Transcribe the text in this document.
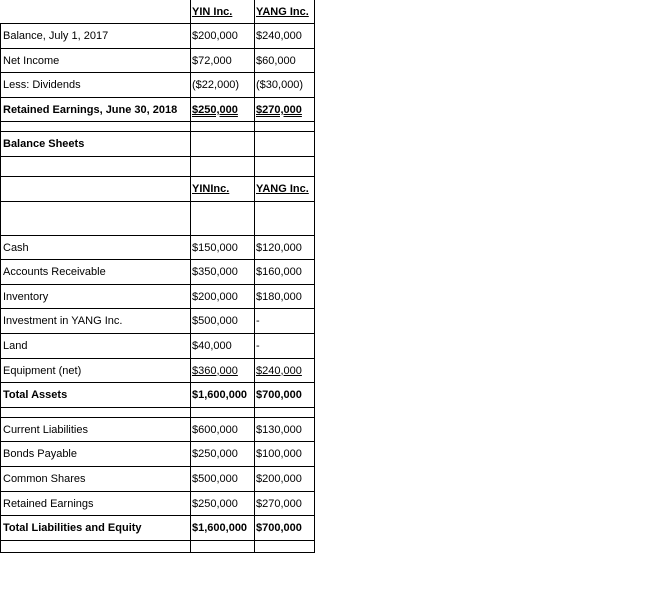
YIN Inc.	YANG Inc.
Balance, July 1, 2017	$200,000	$240,000
Net Income	$72,000	$60,000
Less: Dividends	($22,000)	($30,000)
Retained Earnings, June 30, 2018	$250,000	$270,000
Balance Sheets
YINInc.	YANG Inc.
Cash	$150,000	$120,000
Accounts Receivable	$350,000	$160,000
Inventory	$200,000	$180,000
Investment in YANG Inc.	$500,000	-
Land	$40,000	-
Equipment (net)	$360,000	$240,000
Total Assets	$1,600,000 $700,000
Current Liabilities	$600,000	$130,000
Bonds Payable	$250,000	$100,000
Common Shares	$500,000	$200,000
Retained Earnings	$250,000	$270,000
Total Liabilities and Equity	$1,600,000 $700,000
